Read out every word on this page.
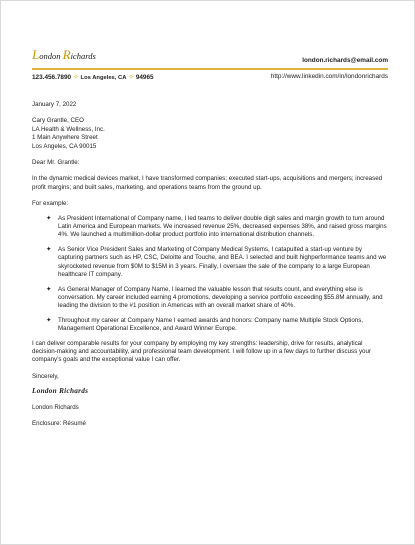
London Richards	london.richards@email.com
123.456.7890 ✧ Los Angeles, CA ✧ 94965	http://www.linkedin.com/in/londonrichards

January 7, 2022

Cary Grantle, CEO
LA Health & Wellness, Inc.
1 Main Anywhere Street
Los Angeles, CA 90015

Dear Mr. Grantle:

In the dynamic medical devices market, I have transformed companies; executed start-ups, acquisitions and mergers; increased profit margins; and built sales, marketing, and operations teams from the ground up.

For example:

✦ As President International of Company name, I led teams to deliver double digit sales and margin growth to turn around Latin America and European markets. We increased revenue 25%, decreased expenses 38%, and raised gross margins 4%. We launched a multimillion-dollar product portfolio into international distribution channels.
✦ As Senior Vice President Sales and Marketing of Company Medical Systems, I catapulted a start-up venture by capturing partners such as HP, CSC, Deloitte and Touche, and BEA. I selected and built highperformance teams and we skyrocketed revenue from $0M to $15M in 3 years. Finally, I oversaw the sale of the company to a large European healthcare IT company.
✦ As General Manager of Company Name, I learned the valuable lesson that results count, and everything else is conversation. My career included earning 4 promotions, developing a service portfolio exceeding $55.8M annually, and leading the division to the #1 position in Americas with an overall market share of 40%.
✦ Throughout my career at Company Name I earned awards and honors: Company name Multiple Stock Options, Management Operational Excellence, and Award Winner Europe.

I can deliver comparable results for your company by employing my key strengths: leadership, drive for results, analytical decision-making and accountability, and professional team development. I will follow up in a few days to further discuss your company’s goals and the exceptional value I can offer.

Sincerely,

London Richards

London Richards

Enclosure: Résumé
